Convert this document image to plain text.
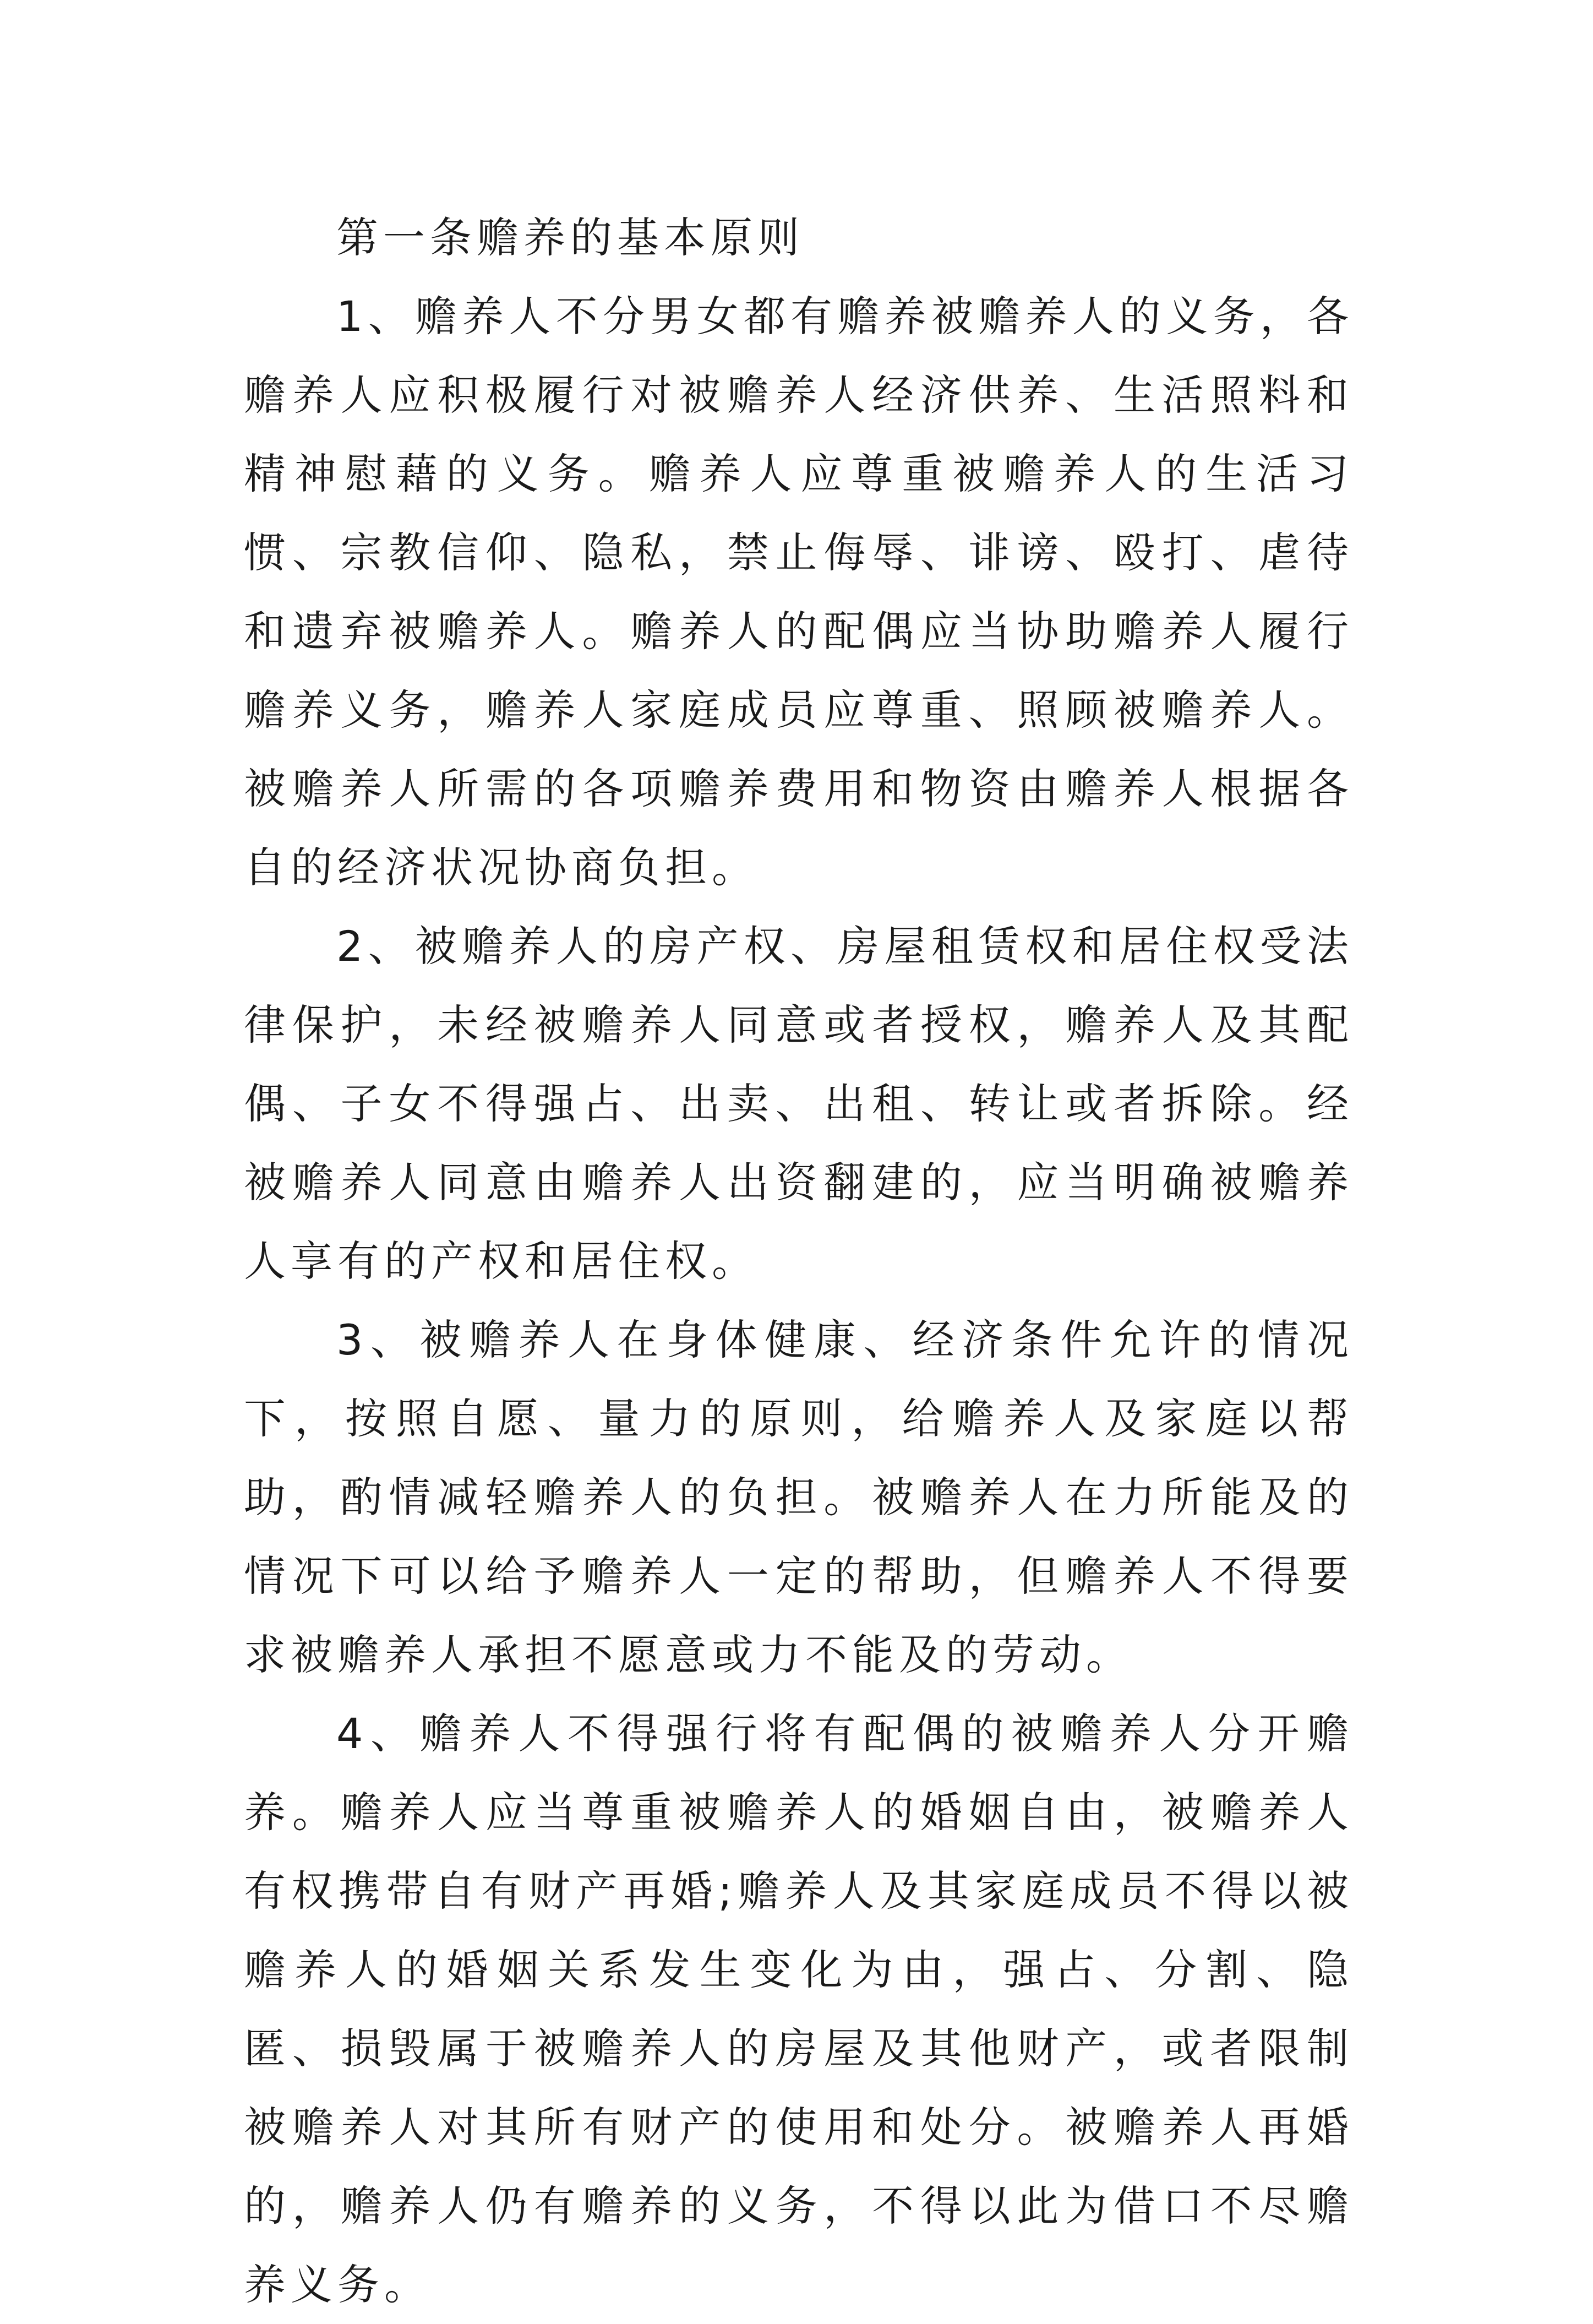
第一条赡养的基本原则

1、赡养人不分男女都有赡养被赡养人的义务，各赡养人应积极履行对被赡养人经济供养、生活照料和精神慰藉的义务。赡养人应尊重被赡养人的生活习惯、宗教信仰、隐私，禁止侮辱、诽谤、殴打、虐待和遗弃被赡养人。赡养人的配偶应当协助赡养人履行赡养义务，赡养人家庭成员应尊重、照顾被赡养人。被赡养人所需的各项赡养费用和物资由赡养人根据各自的经济状况协商负担。

2、被赡养人的房产权、房屋租赁权和居住权受法律保护，未经被赡养人同意或者授权，赡养人及其配偶、子女不得强占、出卖、出租、转让或者拆除。经被赡养人同意由赡养人出资翻建的，应当明确被赡养人享有的产权和居住权。

3、被赡养人在身体健康、经济条件允许的情况下，按照自愿、量力的原则，给赡养人及家庭以帮助，酌情减轻赡养人的负担。被赡养人在力所能及的情况下可以给予赡养人一定的帮助，但赡养人不得要求被赡养人承担不愿意或力不能及的劳动。

4、赡养人不得强行将有配偶的被赡养人分开赡养。赡养人应当尊重被赡养人的婚姻自由，被赡养人有权携带自有财产再婚;赡养人及其家庭成员不得以被赡养人的婚姻关系发生变化为由，强占、分割、隐匿、损毁属于被赡养人的房屋及其他财产，或者限制被赡养人对其所有财产的使用和处分。被赡养人再婚的，赡养人仍有赡养的义务，不得以此为借口不尽赡养义务。
